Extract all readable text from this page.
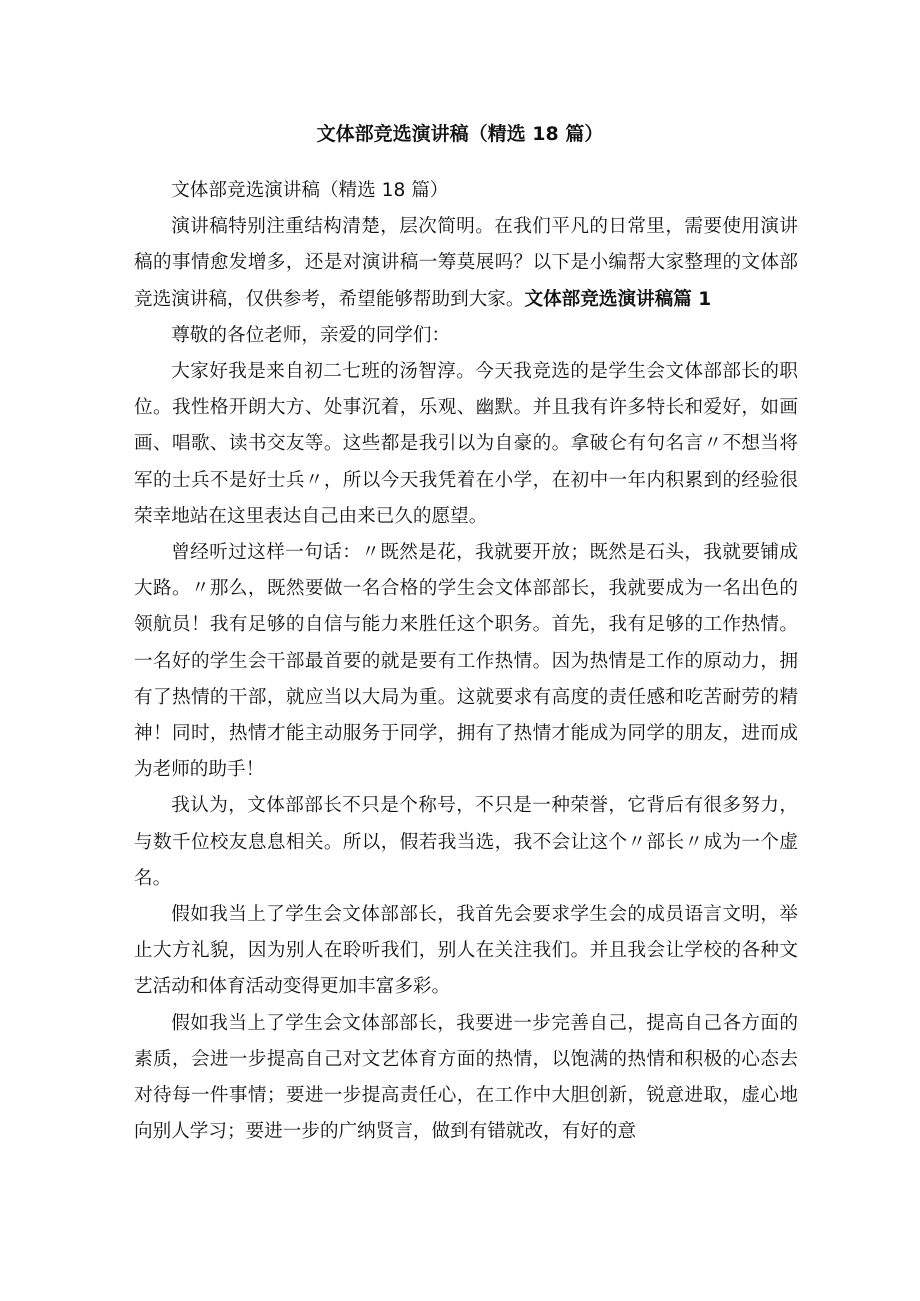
文体部竞选演讲稿（精选 18 篇）

文体部竞选演讲稿（精选 18 篇）

演讲稿特别注重结构清楚，层次简明。在我们平凡的日常里，需要使用演讲稿的事情愈发增多，还是对演讲稿一筹莫展吗？以下是小编帮大家整理的文体部竞选演讲稿，仅供参考，希望能够帮助到大家。文体部竞选演讲稿篇 1

尊敬的各位老师，亲爱的同学们：

大家好我是来自初二七班的汤智淳。今天我竞选的是学生会文体部部长的职位。我性格开朗大方、处事沉着，乐观、幽默。并且我有许多特长和爱好，如画画、唱歌、读书交友等。这些都是我引以为自豪的。拿破仑有句名言〃不想当将军的士兵不是好士兵〃，所以今天我凭着在小学，在初中一年内积累到的经验很荣幸地站在这里表达自己由来已久的愿望。

曾经听过这样一句话：〃既然是花，我就要开放；既然是石头，我就要铺成大路。〃那么，既然要做一名合格的学生会文体部部长，我就要成为一名出色的领航员！我有足够的自信与能力来胜任这个职务。首先，我有足够的工作热情。一名好的学生会干部最首要的就是要有工作热情。因为热情是工作的原动力，拥有了热情的干部，就应当以大局为重。这就要求有高度的责任感和吃苦耐劳的精神！同时，热情才能主动服务于同学，拥有了热情才能成为同学的朋友，进而成为老师的助手！

我认为，文体部部长不只是个称号，不只是一种荣誉，它背后有很多努力，与数千位校友息息相关。所以，假若我当选，我不会让这个〃部长〃成为一个虚名。

假如我当上了学生会文体部部长，我首先会要求学生会的成员语言文明，举止大方礼貌，因为别人在聆听我们，别人在关注我们。并且我会让学校的各种文艺活动和体育活动变得更加丰富多彩。

假如我当上了学生会文体部部长，我要进一步完善自己，提高自己各方面的素质，会进一步提高自己对文艺体育方面的热情，以饱满的热情和积极的心态去对待每一件事情；要进一步提高责任心，在工作中大胆创新，锐意进取，虚心地向别人学习；要进一步的广纳贤言，做到有错就改，有好的意
